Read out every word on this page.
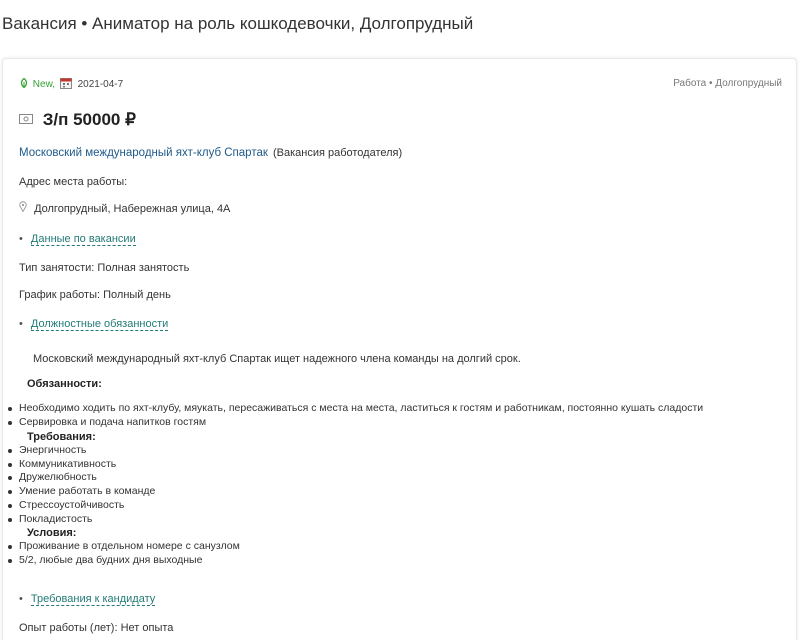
Вакансия • Аниматор на роль кошкодевочки, Долгопрудный
New, 2021-04-7	Работа • Долгопрудный
З/п 50000 ₽
Московский международный яхт-клуб Спартак (Вакансия работодателя)
Адрес места работы:
Долгопрудный, Набережная улица, 4А
• Данные по вакансии
Тип занятости: Полная занятость
График работы: Полный день
• Должностные обязанности
Московский международный яхт-клуб Спартак ищет надежного члена команды на долгий срок.
Обязанности:
Необходимо ходить по яхт-клубу, мяукать, пересаживаться с места на места, ластиться к гостям и работникам, постоянно кушать сладости
Сервировка и подача напитков гостям
Требования:
Энергичность
Коммуникативность
Дружелюбность
Умение работать в команде
Стрессоустойчивость
Покладистость
Условия:
Проживание в отдельном номере с санузлом
5/2, любые два будних дня выходные
• Требования к кандидату
Опыт работы (лет): Нет опыта
